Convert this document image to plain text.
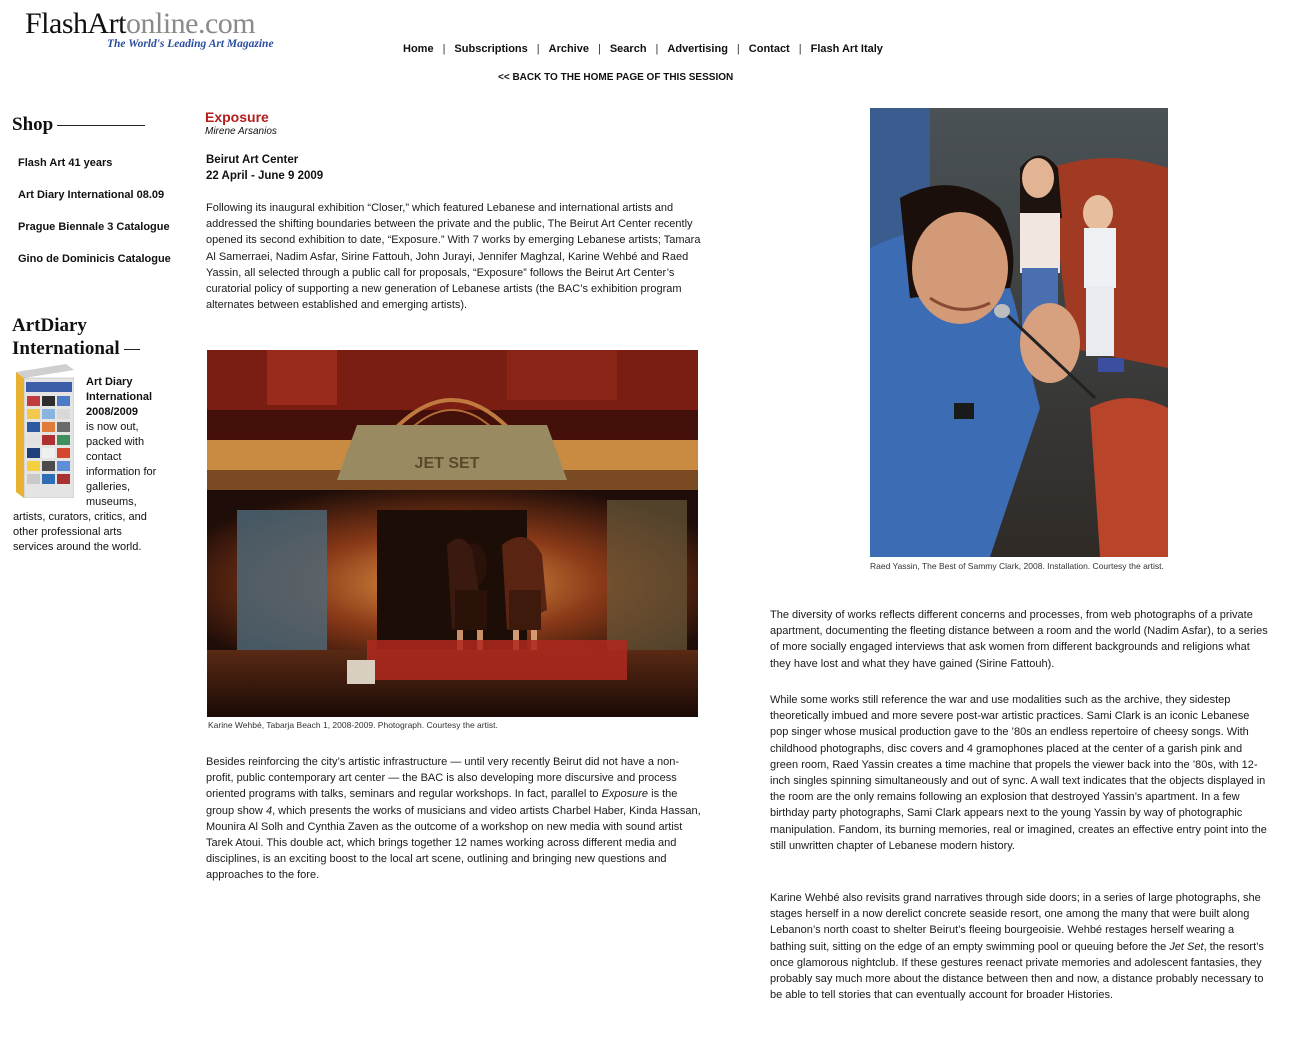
FlashArtonline.com
The World's Leading Art Magazine	Home | Subscriptions | Archive | Search | Advertising | Contact | Flash Art Italy
<< BACK TO THE HOME PAGE OF THIS SESSION
Shop
Flash Art 41 years
Art Diary International 08.09
Prague Biennale 3 Catalogue
Gino de Dominicis Catalogue
ArtDiary
International
Art Diary
International
2008/2009
is now out,
packed with
contact
information for
galleries,
museums,
artists, curators, critics, and
other professional arts
services around the world.
Exposure
Mirene Arsanios
Beirut Art Center
22 April - June 9 2009
Following its inaugural exhibition “Closer,” which featured Lebanese and international artists and addressed the shifting boundaries between the private and the public, The Beirut Art Center recently opened its second exhibition to date, “Exposure.” With 7 works by emerging Lebanese artists; Tamara Al Samerraei, Nadim Asfar, Sirine Fattouh, John Jurayi, Jennifer Maghzal, Karine Wehbé and Raed Yassin, all selected through a public call for proposals, “Exposure” follows the Beirut Art Center’s curatorial policy of supporting a new generation of Lebanese artists (the BAC’s exhibition program alternates between established and emerging artists).
JET SET
Karine Wehbé, Tabarja Beach 1, 2008-2009. Photograph. Courtesy the artist.
Besides reinforcing the city’s artistic infrastructure — until very recently Beirut did not have a non-profit, public contemporary art center — the BAC is also developing more discursive and process oriented programs with talks, seminars and regular workshops. In fact, parallel to Exposure is the group show 4, which presents the works of musicians and video artists Charbel Haber, Kinda Hassan, Mounira Al Solh and Cynthia Zaven as the outcome of a workshop on new media with sound artist Tarek Atoui. This double act, which brings together 12 names working across different media and disciplines, is an exciting boost to the local art scene, outlining and bringing new questions and approaches to the fore.
Raed Yassin, The Best of Sammy Clark, 2008. Installation. Courtesy the artist.
The diversity of works reflects different concerns and processes, from web photographs of a private apartment, documenting the fleeting distance between a room and the world (Nadim Asfar), to a series of more socially engaged interviews that ask women from different backgrounds and religions what they have lost and what they have gained (Sirine Fattouh).
While some works still reference the war and use modalities such as the archive, they sidestep theoretically imbued and more severe post-war artistic practices. Sami Clark is an iconic Lebanese pop singer whose musical production gave to the ’80s an endless repertoire of cheesy songs. With childhood photographs, disc covers and 4 gramophones placed at the center of a garish pink and green room, Raed Yassin creates a time machine that propels the viewer back into the ’80s, with 12-inch singles spinning simultaneously and out of sync. A wall text indicates that the objects displayed in the room are the only remains following an explosion that destroyed Yassin’s apartment. In a few birthday party photographs, Sami Clark appears next to the young Yassin by way of photographic manipulation. Fandom, its burning memories, real or imagined, creates an effective entry point into the still unwritten chapter of Lebanese modern history.
Karine Wehbé also revisits grand narratives through side doors; in a series of large photographs, she stages herself in a now derelict concrete seaside resort, one among the many that were built along Lebanon’s north coast to shelter Beirut’s fleeing bourgeoisie. Wehbé restages herself wearing a bathing suit, sitting on the edge of an empty swimming pool or queuing before the Jet Set, the resort’s once glamorous nightclub. If these gestures reenact private memories and adolescent fantasies, they probably say much more about the distance between then and now, a distance probably necessary to be able to tell stories that can eventually account for broader Histories.
